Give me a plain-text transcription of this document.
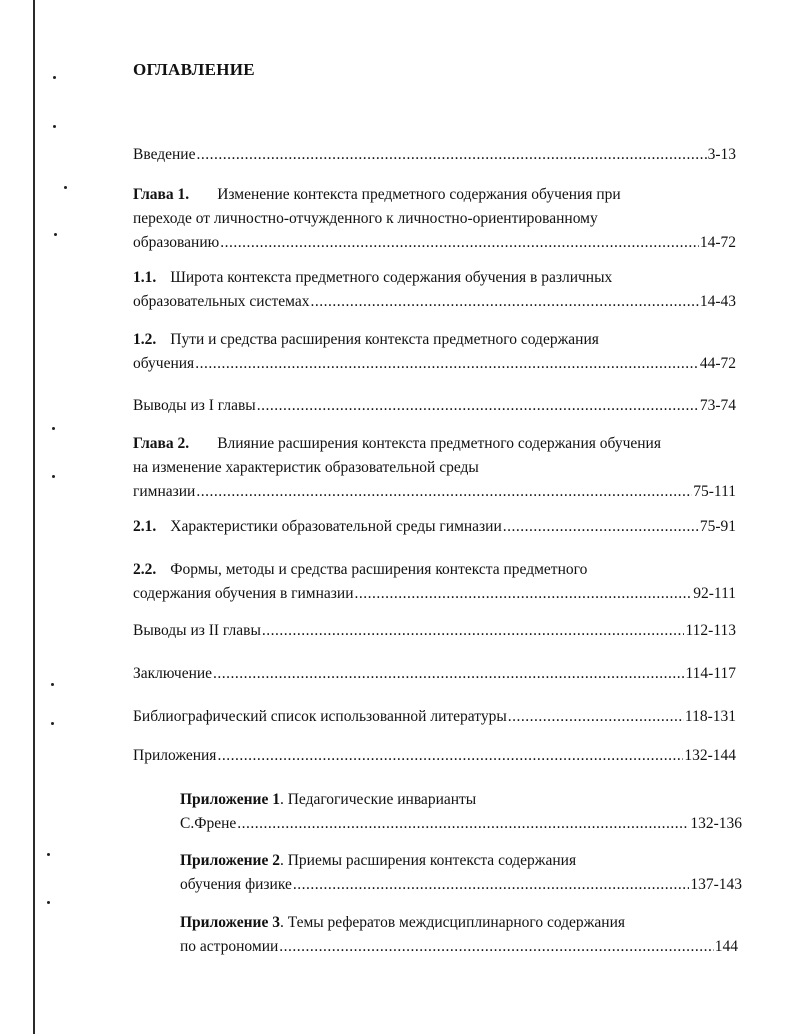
ОГЛАВЛЕНИЕ
Введение .....	3-13
Глава 1. Изменение контекста предметного содержания обучения при
переходе от личностно-отчужденного к личностно-ориентированному
образованию .....	14-72
1.1. Широта контекста предметного содержания обучения в различных
образовательных системах .....	14-43
1.2. Пути и средства расширения контекста предметного содержания
обучения .....	44-72
Выводы из I главы .....	73-74
Глава 2. Влияние расширения контекста предметного содержания обучения
на изменение характеристик образовательной среды
гимназии .....	75-111
2.1. Характеристики образовательной среды гимназии .....	75-91
2.2. Формы, методы и средства расширения контекста предметного
содержания обучения в гимназии .....	92-111
Выводы из II главы .....	112-113
Заключение .....	114-117
Библиографический список использованной литературы .....	118-131
Приложения .....	132-144
Приложение 1 . Педагогические инварианты
С.Френе .....	132-136
Приложение 2 . Приемы расширения контекста содержания
обучения физике .....	137-143
Приложение 3 . Темы рефератов междисциплинарного содержания
по астрономии .....	144
